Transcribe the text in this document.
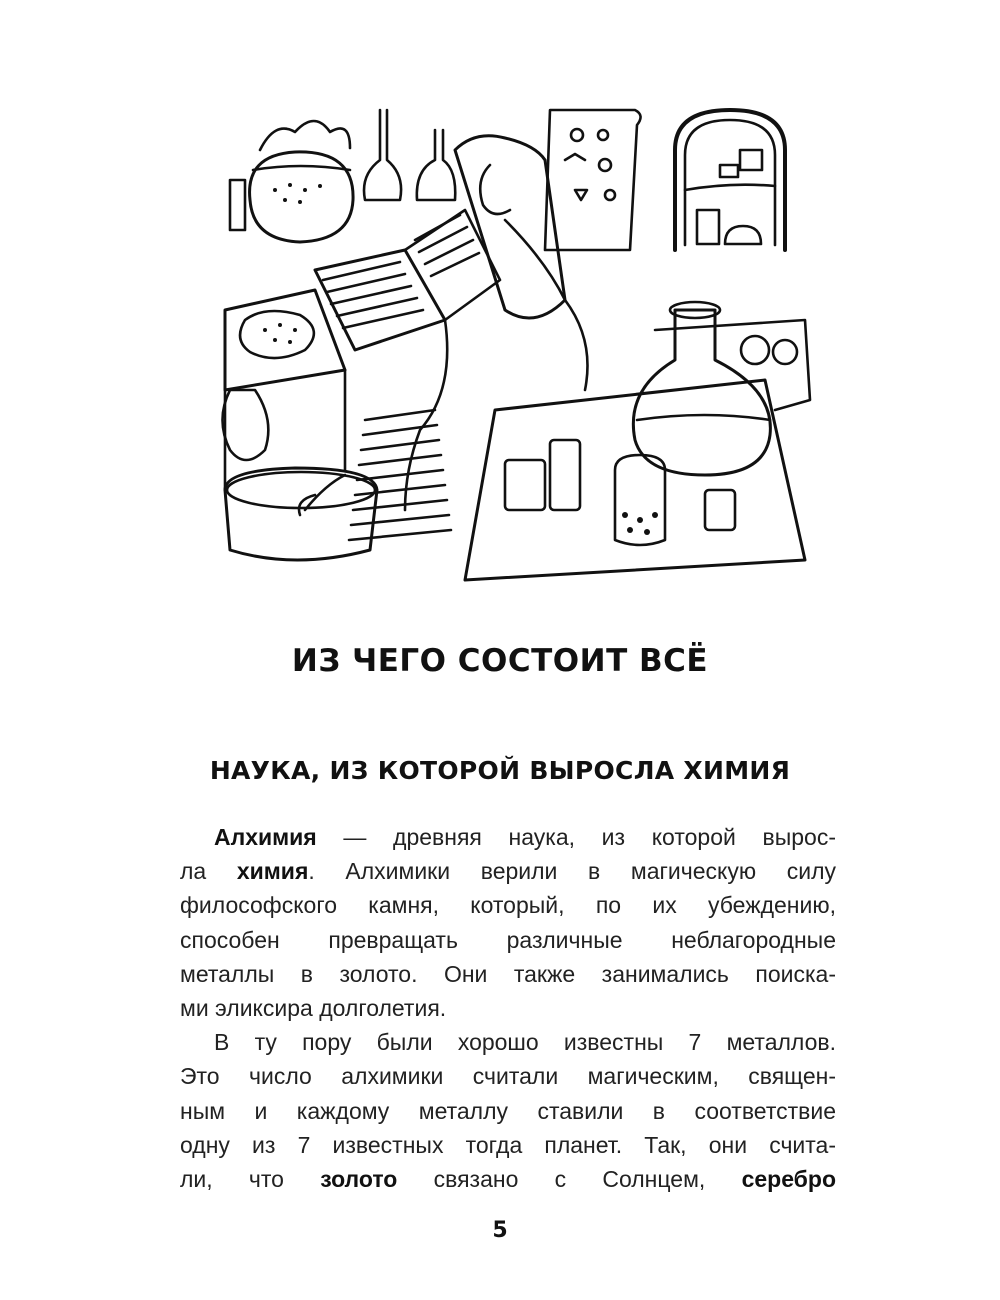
ИЗ ЧЕГО СОСТОИТ ВСЁ
НАУКА, ИЗ КОТОРОЙ ВЫРОСЛА ХИМИЯ
Алхимия — древняя наука, из которой вырос-
ла химия. Алхимики верили в магическую силу
философского камня, который, по их убеждению,
способен превращать различные неблагородные
металлы в золото. Они также занимались поиска-
ми эликсира долголетия.
В ту пору были хорошо известны 7 металлов.
Это число алхимики считали магическим, священ-
ным и каждому металлу ставили в соответствие
одну из 7 известных тогда планет. Так, они счита-
ли, что золото связано с Солнцем, серебро
5
